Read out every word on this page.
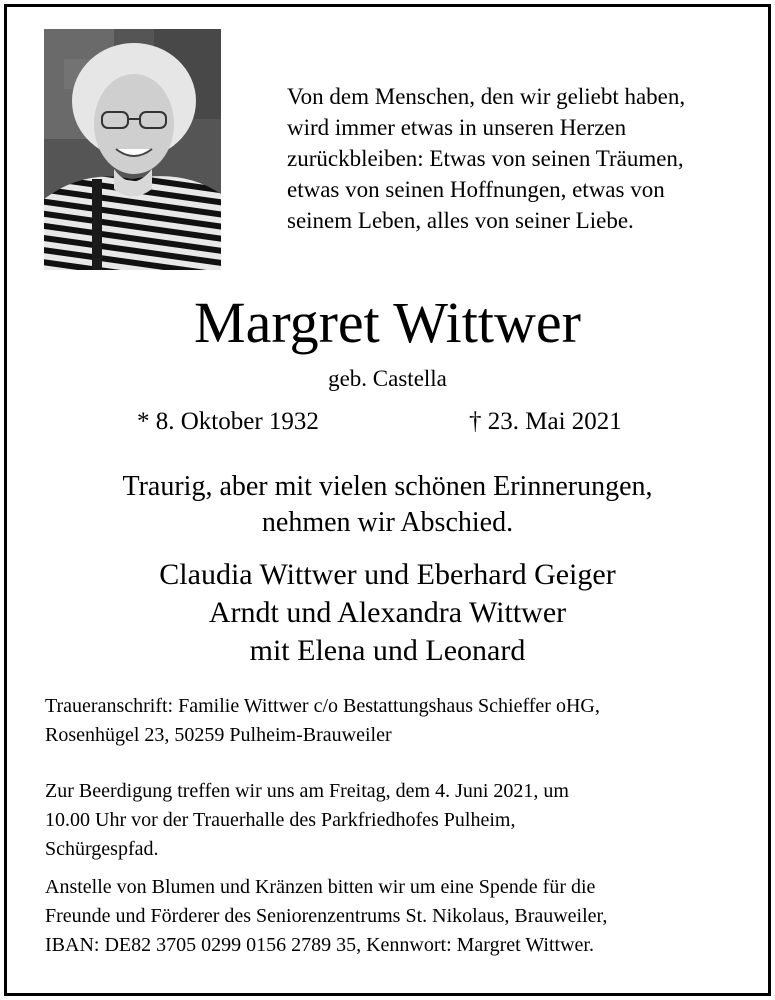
Von dem Menschen, den wir geliebt haben,
wird immer etwas in unseren Herzen
zurückbleiben: Etwas von seinen Träumen,
etwas von seinen Hoffnungen, etwas von
seinem Leben, alles von seiner Liebe.
Margret Wittwer
geb. Castella
* 8. Oktober 1932	† 23. Mai 2021
Traurig, aber mit vielen schönen Erinnerungen,
nehmen wir Abschied.
Claudia Wittwer und Eberhard Geiger
Arndt und Alexandra Wittwer
mit Elena und Leonard
Traueranschrift: Familie Wittwer c/o Bestattungshaus Schieffer oHG,
Rosenhügel 23, 50259 Pulheim-Brauweiler
Zur Beerdigung treffen wir uns am Freitag, dem 4. Juni 2021, um
10.00 Uhr vor der Trauerhalle des Parkfriedhofes Pulheim,
Schürgespfad.
Anstelle von Blumen und Kränzen bitten wir um eine Spende für die
Freunde und Förderer des Seniorenzentrums St. Nikolaus, Brauweiler,
IBAN: DE82 3705 0299 0156 2789 35, Kennwort: Margret Wittwer.
